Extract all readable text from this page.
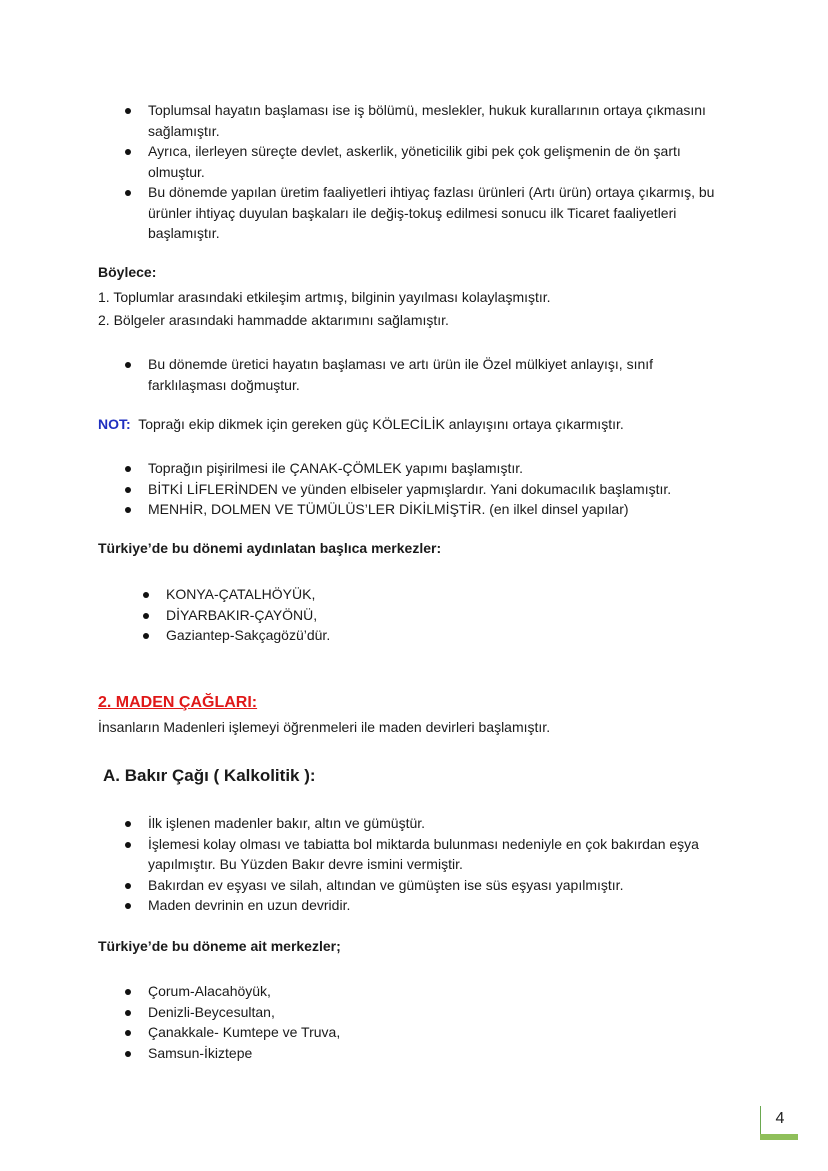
Toplumsal hayatın başlaması ise iş bölümü, meslekler, hukuk kurallarının ortaya çıkmasını sağlamıştır.
Ayrıca, ilerleyen süreçte devlet, askerlik, yöneticilik gibi pek çok gelişmenin de ön şartı olmuştur.
Bu dönemde yapılan üretim faaliyetleri ihtiyaç fazlası ürünleri (Artı ürün) ortaya çıkarmış, bu ürünler ihtiyaç duyulan başkaları ile değiş-tokuş edilmesi sonucu ilk Ticaret faaliyetleri başlamıştır.
Böylece:
1. Toplumlar arasındaki etkileşim artmış, bilginin yayılması kolaylaşmıştır.
2. Bölgeler arasındaki hammadde aktarımını sağlamıştır.
Bu dönemde üretici hayatın başlaması ve artı ürün ile Özel mülkiyet anlayışı, sınıf farklılaşması doğmuştur.
NOT: Toprağı ekip dikmek için gereken güç KÖLECİLİK anlayışını ortaya çıkarmıştır.
Toprağın pişirilmesi ile ÇANAK-ÇÖMLEK yapımı başlamıştır.
BİTKİ LİFLERİNDEN ve yünden elbiseler yapmışlardır. Yani dokumacılık başlamıştır.
MENHİR, DOLMEN VE TÜMÜLÜS’LER DİKİLMİŞTİR. (en ilkel dinsel yapılar)
Türkiye’de bu dönemi aydınlatan başlıca merkezler:
KONYA-ÇATALHÖYÜK,
DİYARBAKIR-ÇAYÖNÜ,
Gaziantep-Sakçagözü’dür.
2. MADEN ÇAĞLARI:
İnsanların Madenleri işlemeyi öğrenmeleri ile maden devirleri başlamıştır.
A. Bakır Çağı ( Kalkolitik ):
İlk işlenen madenler bakır, altın ve gümüştür.
İşlemesi kolay olması ve tabiatta bol miktarda bulunması nedeniyle en çok bakırdan eşya yapılmıştır. Bu Yüzden Bakır devre ismini vermiştir.
Bakırdan ev eşyası ve silah, altından ve gümüşten ise süs eşyası yapılmıştır.
Maden devrinin en uzun devridir.
Türkiye’de bu döneme ait merkezler;
Çorum-Alacahöyük,
Denizli-Beycesultan,
Çanakkale- Kumtepe ve Truva,
Samsun-İkiztepe
4
